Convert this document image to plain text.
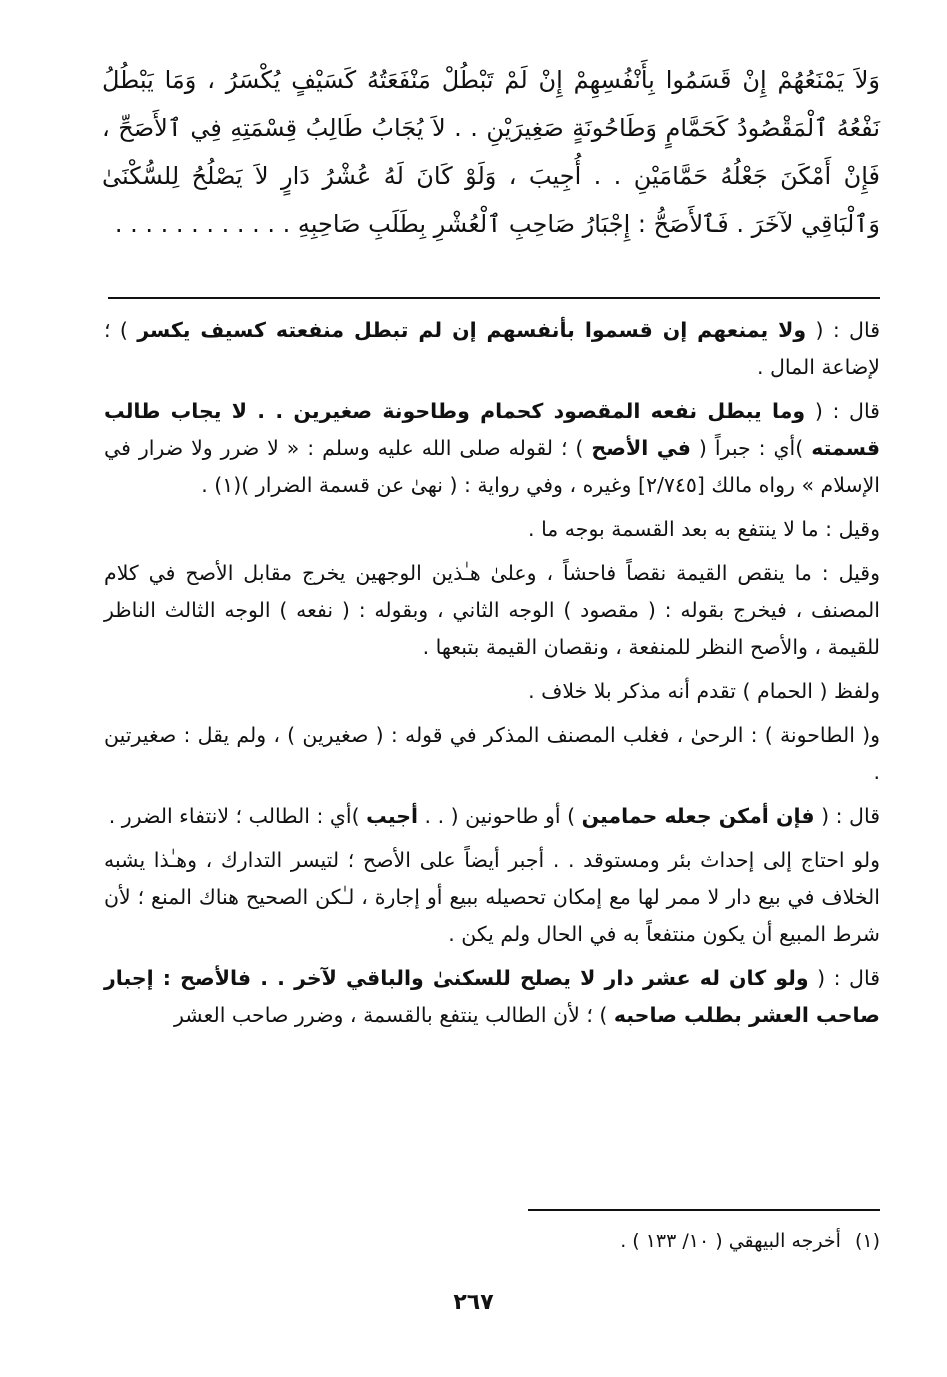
وَلاَ يَمْنَعُهُمْ إِنْ قَسَمُوا بِأَنْفُسِهِمْ إِنْ لَمْ تَبْطُلْ مَنْفَعَتُهُ كَسَيْفٍ يُكْسَرُ ، وَمَا يَبْطُلُ نَفْعُهُ ٱلْمَقْصُودُ كَحَمَّامٍ وَطَاحُونَةٍ صَغِيرَيْنِ . . لاَ يُجَابُ طَالِبُ قِسْمَتِهِ فِي ٱلأَصَحِّ ، فَإِنْ أَمْكَنَ جَعْلُهُ حَمَّامَيْنِ . . أُجِيبَ ، وَلَوْ كَانَ لَهُ عُشْرُ دَارٍ لاَ يَصْلُحُ لِلسُّكْنَىٰ وَٱلْبَاقِي لآخَرَ . فَٱلأَصَحُّ : إِجْبَارُ صَاحِبِ ٱلْعُشْرِ بِطَلَبِ صَاحِبِهِ . . . . . . . . . . . .

قال : ( ولا يمنعهم إن قسموا بأنفسهم إن لم تبطل منفعته كسيف يكسر ) ؛ لإضاعة المال .

قال : ( وما يبطل نفعه المقصود كحمام وطاحونة صغيرين . . لا يجاب طالب قسمته )أي : جبراً ( في الأصح ) ؛ لقوله صلى الله عليه وسلم : « لا ضرر ولا ضرار في الإسلام » رواه مالك [٢/٧٤٥] وغيره ، وفي رواية : ( نهىٰ عن قسمة الضرار )(١) .

وقيل : ما لا ينتفع به بعد القسمة بوجه ما .

وقيل : ما ينقص القيمة نقصاً فاحشاً ، وعلىٰ هـٰذين الوجهين يخرج مقابل الأصح في كلام المصنف ، فيخرج بقوله : ( مقصود ) الوجه الثاني ، وبقوله : ( نفعه ) الوجه الثالث الناظر للقيمة ، والأصح النظر للمنفعة ، ونقصان القيمة بتبعها .

ولفظ ( الحمام ) تقدم أنه مذكر بلا خلاف .

و( الطاحونة ) : الرحىٰ ، فغلب المصنف المذكر في قوله : ( صغيرين ) ، ولم يقل : صغيرتين .

قال : ( فإن أمكن جعله حمامين ) أو طاحونين ( . . أجيب )أي : الطالب ؛ لانتفاء الضرر .

ولو احتاج إلى إحداث بئر ومستوقد . . أجبر أيضاً على الأصح ؛ لتيسر التدارك ، وهـٰذا يشبه الخلاف في بيع دار لا ممر لها مع إمكان تحصيله ببيع أو إجارة ، لـٰكن الصحيح هناك المنع ؛ لأن شرط المبيع أن يكون منتفعاً به في الحال ولم يكن .

قال : ( ولو كان له عشر دار لا يصلح للسكنىٰ والباقي لآخر . . فالأصح : إجبار صاحب العشر بطلب صاحبه ) ؛ لأن الطالب ينتفع بالقسمة ، وضرر صاحب العشر

(١)أخرجه البيهقي ( ١٠/ ١٣٣ ) .
٢٦٧
